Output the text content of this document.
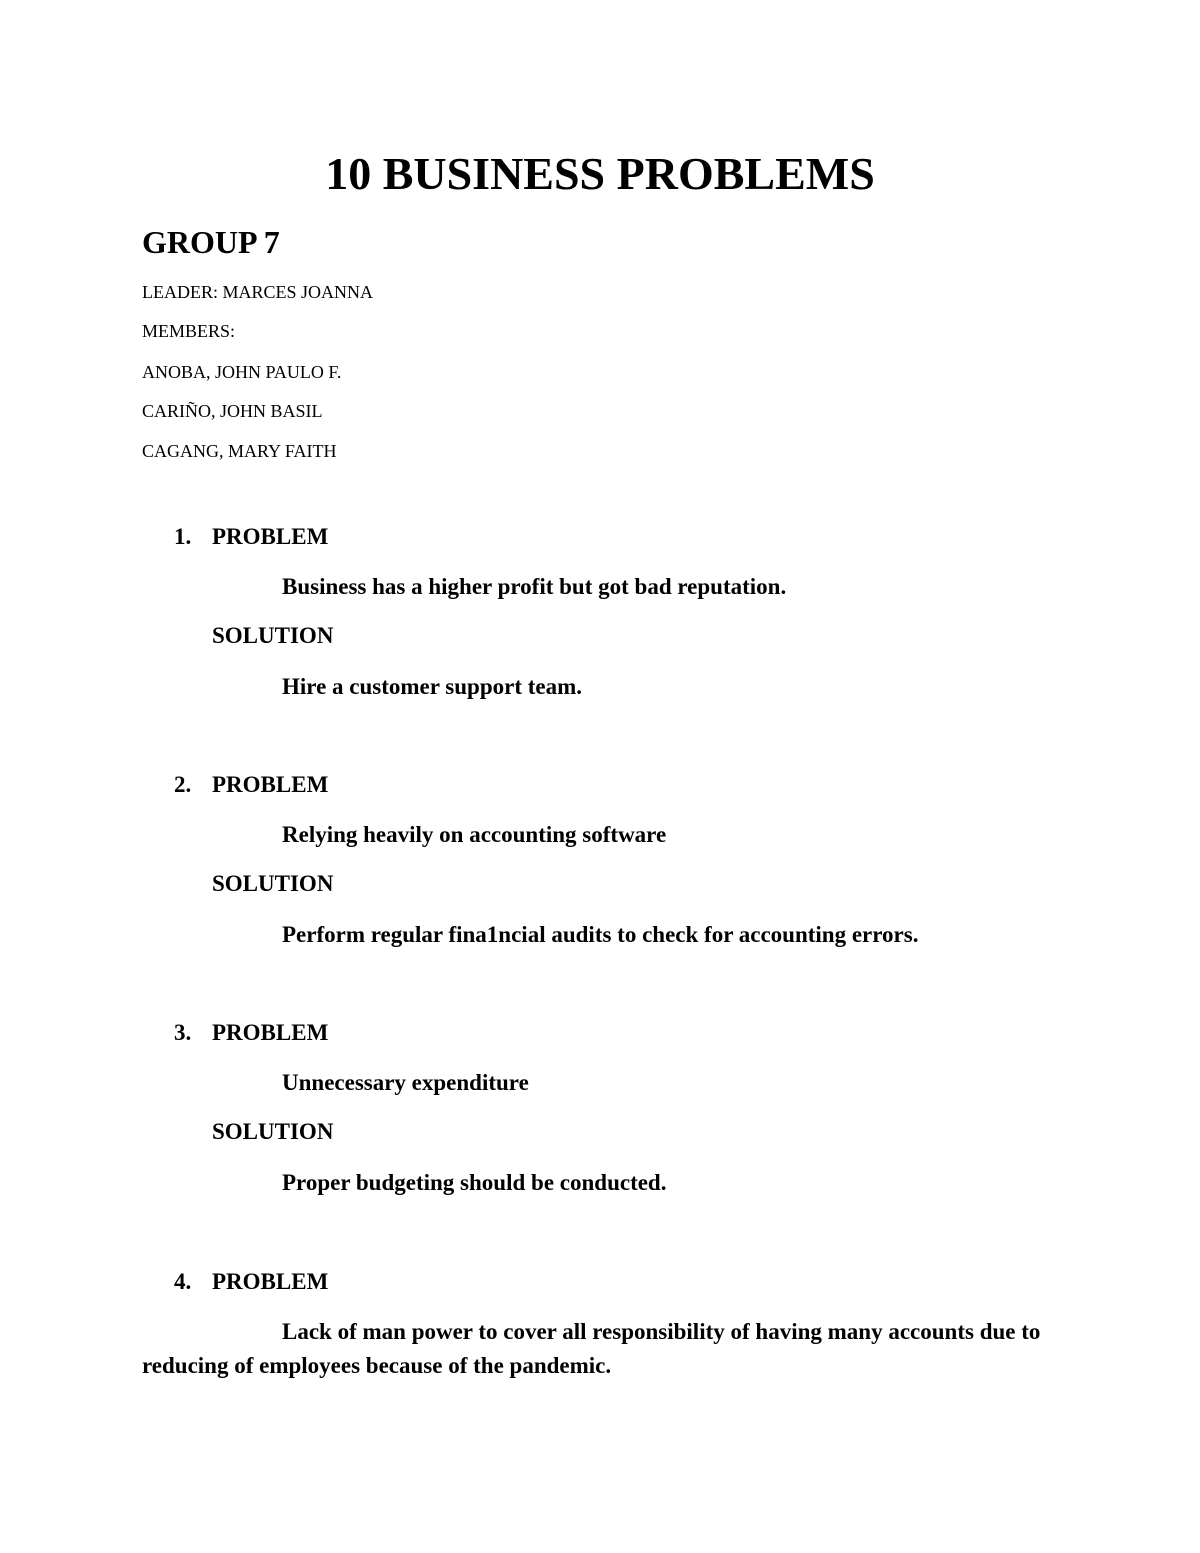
10 BUSINESS PROBLEMS
GROUP 7

LEADER: MARCES JOANNA

MEMBERS:

ANOBA, JOHN PAULO F.

CARIÑO, JOHN BASIL

CAGANG, MARY FAITH

1. PROBLEM

Business has a higher profit but got bad reputation.

SOLUTION

Hire a customer support team.

2. PROBLEM

Relying heavily on accounting software

SOLUTION

Perform regular fina1ncial audits to check for accounting errors.

3. PROBLEM

Unnecessary expenditure

SOLUTION

Proper budgeting should be conducted.

4. PROBLEM

Lack of man power to cover all responsibility of having many accounts due to reducing of employees because of the pandemic.
